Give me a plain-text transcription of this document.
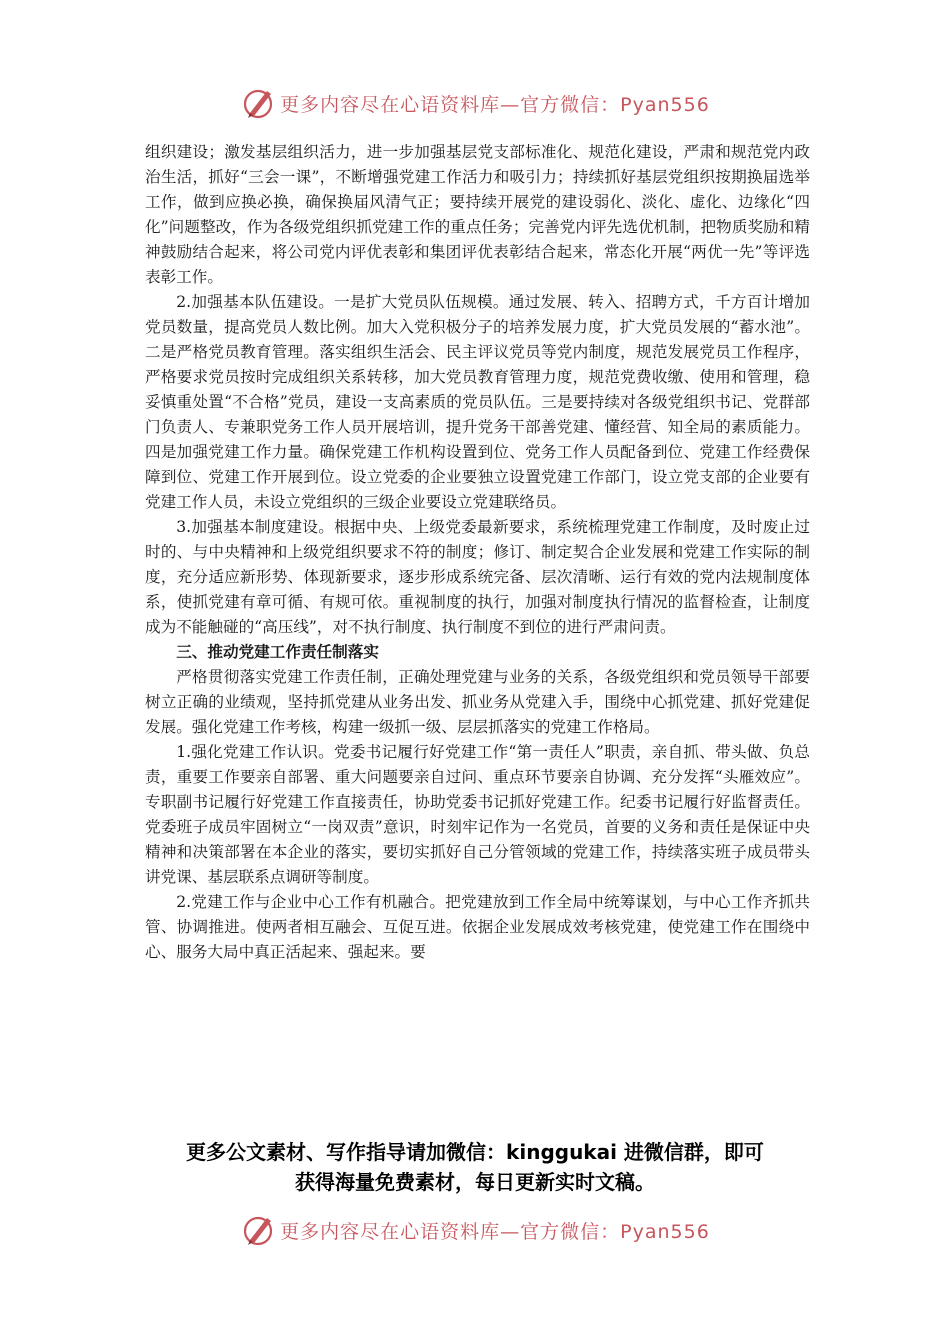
更多内容尽在心语资料库—官方微信：Pyan556

组织建设；激发基层组织活力，进一步加强基层党支部标准化、规范化建设，严肃和规范党内政治生活，抓好“三会一课”，不断增强党建工作活力和吸引力；持续抓好基层党组织按期换届选举工作，做到应换必换，确保换届风清气正；要持续开展党的建设弱化、淡化、虚化、边缘化“四化”问题整改，作为各级党组织抓党建工作的重点任务；完善党内评先选优机制，把物质奖励和精神鼓励结合起来，将公司党内评优表彰和集团评优表彰结合起来，常态化开展“两优一先”等评选表彰工作。

2.加强基本队伍建设。一是扩大党员队伍规模。通过发展、转入、招聘方式，千方百计增加党员数量，提高党员人数比例。加大入党积极分子的培养发展力度，扩大党员发展的“蓄水池”。二是严格党员教育管理。落实组织生活会、民主评议党员等党内制度，规范发展党员工作程序，严格要求党员按时完成组织关系转移，加大党员教育管理力度，规范党费收缴、使用和管理，稳妥慎重处置“不合格”党员，建设一支高素质的党员队伍。三是要持续对各级党组织书记、党群部门负责人、专兼职党务工作人员开展培训，提升党务干部善党建、懂经营、知全局的素质能力。四是加强党建工作力量。确保党建工作机构设置到位、党务工作人员配备到位、党建工作经费保障到位、党建工作开展到位。设立党委的企业要独立设置党建工作部门，设立党支部的企业要有党建工作人员，未设立党组织的三级企业要设立党建联络员。

3.加强基本制度建设。根据中央、上级党委最新要求，系统梳理党建工作制度，及时废止过时的、与中央精神和上级党组织要求不符的制度；修订、制定契合企业发展和党建工作实际的制度，充分适应新形势、体现新要求，逐步形成系统完备、层次清晰、运行有效的党内法规制度体系，使抓党建有章可循、有规可依。重视制度的执行，加强对制度执行情况的监督检查，让制度成为不能触碰的“高压线”，对不执行制度、执行制度不到位的进行严肃问责。

三、推动党建工作责任制落实

严格贯彻落实党建工作责任制，正确处理党建与业务的关系，各级党组织和党员领导干部要树立正确的业绩观，坚持抓党建从业务出发、抓业务从党建入手，围绕中心抓党建、抓好党建促发展。强化党建工作考核，构建一级抓一级、层层抓落实的党建工作格局。

1.强化党建工作认识。党委书记履行好党建工作“第一责任人”职责，亲自抓、带头做、负总责，重要工作要亲自部署、重大问题要亲自过问、重点环节要亲自协调、充分发挥“头雁效应”。专职副书记履行好党建工作直接责任，协助党委书记抓好党建工作。纪委书记履行好监督责任。党委班子成员牢固树立“一岗双责”意识，时刻牢记作为一名党员，首要的义务和责任是保证中央精神和决策部署在本企业的落实，要切实抓好自己分管领域的党建工作，持续落实班子成员带头讲党课、基层联系点调研等制度。

2.党建工作与企业中心工作有机融合。把党建放到工作全局中统筹谋划，与中心工作齐抓共管、协调推进。使两者相互融会、互促互进。依据企业发展成效考核党建，使党建工作在围绕中心、服务大局中真正活起来、强起来。要

更多公文素材、写作指导请加微信：kinggukai 进微信群，即可
获得海量免费素材，每日更新实时文稿。
更多内容尽在心语资料库—官方微信：Pyan556
